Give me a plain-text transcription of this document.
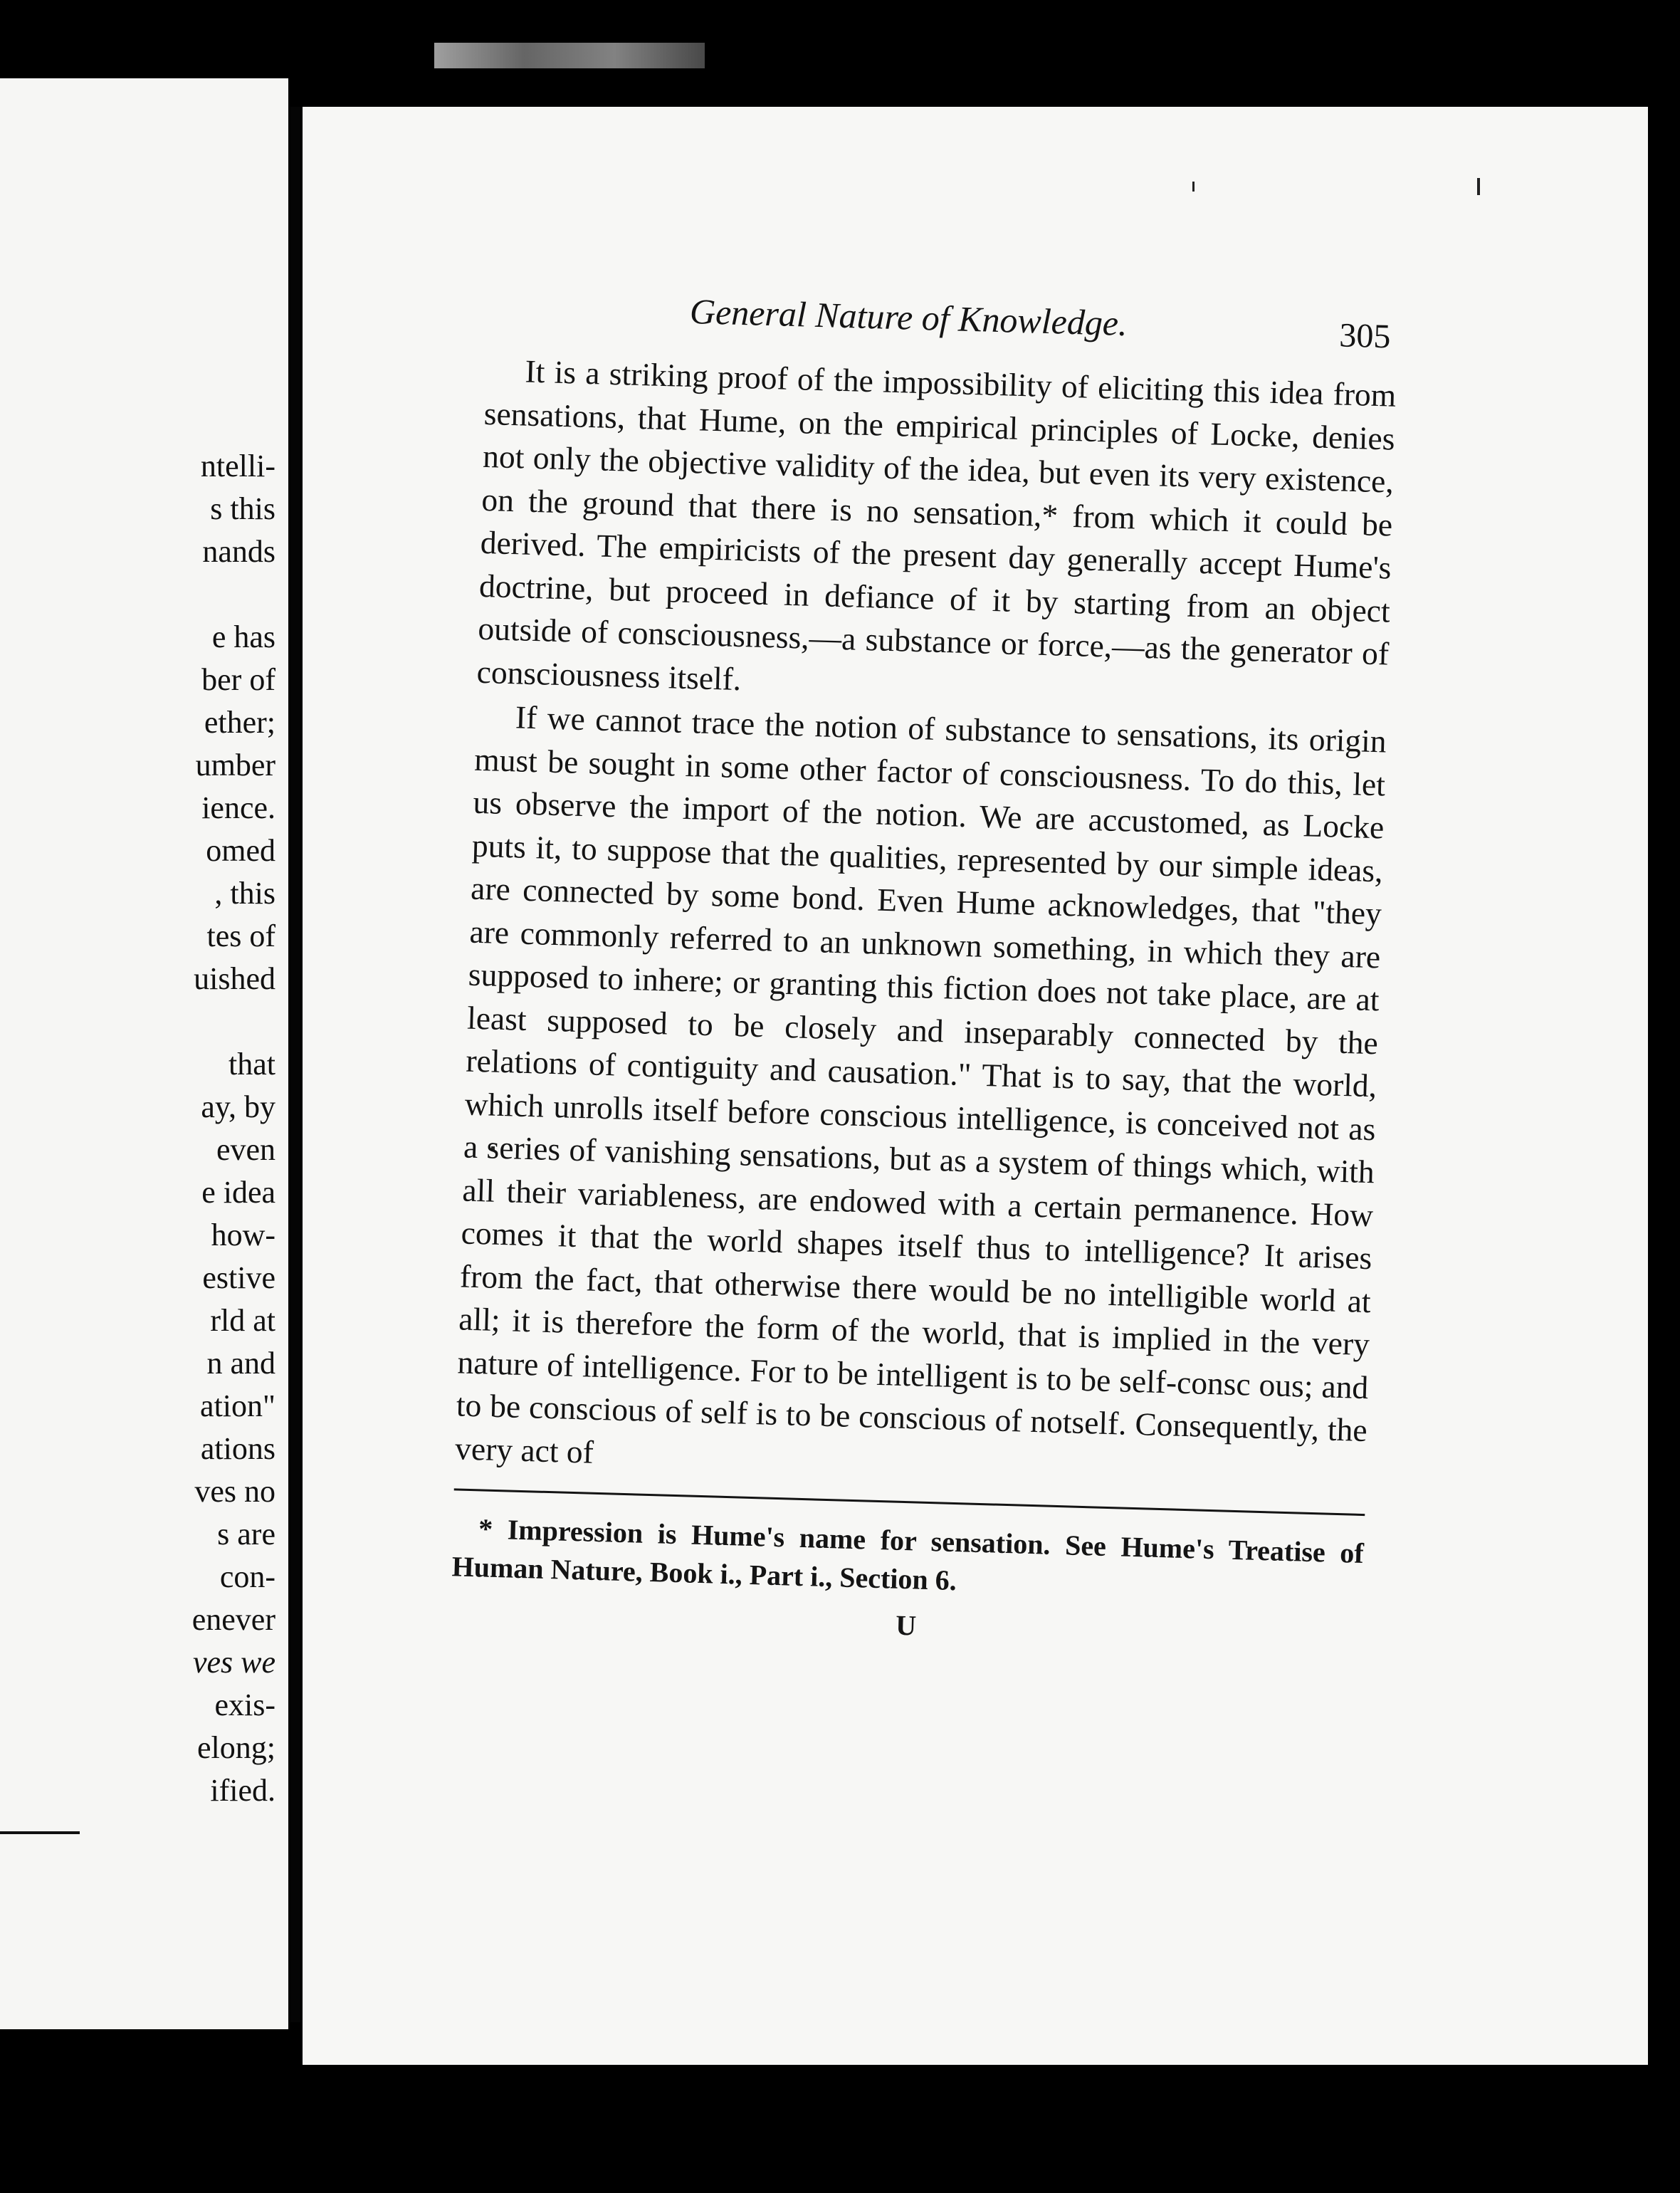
ntelli-
s this
nands
e has
ber of
ether;
umber
ience.
omed
, this
tes of
uished
that
ay, by
even
e idea
how-
estive
rld at
n and
ation"
ations
ves no
s are
con-
enever
ves we
exis-
elong;
ified.
General Nature of Knowledge.	305

It is a striking proof of the impossibility of eliciting this idea from sensations, that Hume, on the empirical principles of Locke, denies not only the objective validity of the idea, but even its very existence, on the ground that there is no sensation,* from which it could be derived. The empiricists of the present day generally accept Hume's doctrine, but proceed in defiance of it by starting from an object outside of consciousness,—a substance or force,—as the generator of consciousness itself.

If we cannot trace the notion of substance to sensations, its origin must be sought in some other factor of consciousness. To do this, let us observe the import of the notion. We are accustomed, as Locke puts it, to suppose that the qualities, represented by our simple ideas, are connected by some bond. Even Hume acknowledges, that "they are commonly referred to an unknown something, in which they are supposed to inhere; or granting this fiction does not take place, are at least supposed to be closely and inseparably connected by the relations of contiguity and causation." That is to say, that the world, which unrolls itself before conscious intelligence, is conceived not as a series of vanishing sensations, but as a system of things which, with all their variableness, are endowed with a certain permanence. How comes it that the world shapes itself thus to intelligence? It arises from the fact, that otherwise there would be no intelligible world at all; it is therefore the form of the world, that is implied in the very nature of intelligence. For to be intelligent is to be self-consc ous; and to be conscious of self is to be conscious of notself. Consequently, the very act of

* Impression is Hume's name for sensation. See Hume's Treatise of Human Nature, Book i., Part i., Section 6.
U
